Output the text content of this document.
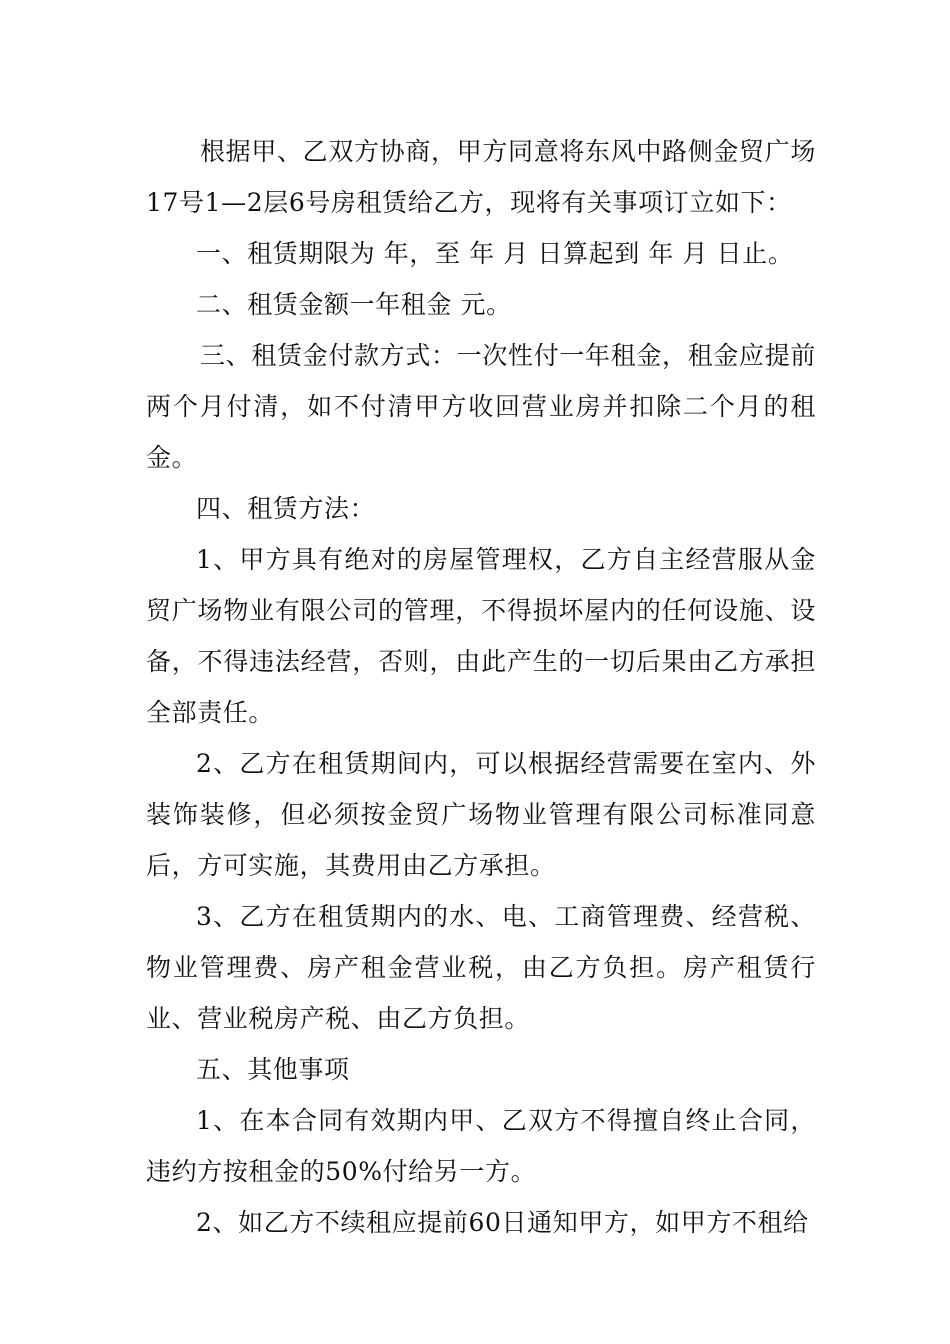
根据甲、乙双方协商，甲方同意将东风中路侧金贸广场17号1—2层6号房租赁给乙方，现将有关事项订立如下：

一、租赁期限为 年，至 年 月 日算起到 年 月 日止。

二、租赁金额一年租金 元。

三、租赁金付款方式：一次性付一年租金，租金应提前两个月付清，如不付清甲方收回营业房并扣除二个月的租金。

四、租赁方法：

1、甲方具有绝对的房屋管理权，乙方自主经营服从金贸广场物业有限公司的管理，不得损坏屋内的任何设施、设备，不得违法经营，否则，由此产生的一切后果由乙方承担全部责任。

2、乙方在租赁期间内，可以根据经营需要在室内、外装饰装修，但必须按金贸广场物业管理有限公司标准同意后，方可实施，其费用由乙方承担。

3、乙方在租赁期内的水、电、工商管理费、经营税、物业管理费、房产租金营业税，由乙方负担。房产租赁行业、营业税房产税、由乙方负担。

五、其他事项

1、在本合同有效期内甲、乙双方不得擅自终止合同，违约方按租金的50%付给另一方。

2、如乙方不续租应提前60日通知甲方，如甲方不租给
